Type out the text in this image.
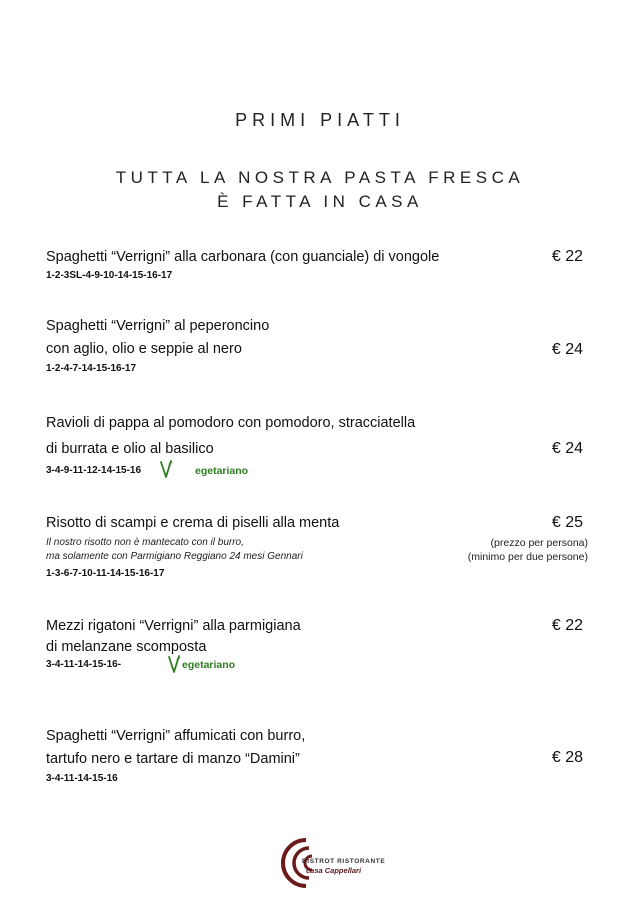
PRIMI PIATTI
TUTTA LA NOSTRA PASTA FRESCA
È FATTA IN CASA
Spaghetti “Verrigni” alla carbonara (con guanciale) di vongole
1-2-3SL-4-9-10-14-15-16-17
€ 22
Spaghetti “Verrigni” al peperoncino
con aglio, olio e seppie al nero
1-2-4-7-14-15-16-17
€ 24
Ravioli di pappa al pomodoro con pomodoro, stracciatella
di burrata e olio al basilico
3-4-9-11-12-14-15-16	egetariano
€ 24
Risotto di scampi e crema di piselli alla menta
Il nostro risotto non è mantecato con il burro,
ma solamente con Parmigiano Reggiano 24 mesi Gennari
1-3-6-7-10-11-14-15-16-17
€ 25
(prezzo per persona)
(minimo per due persone)
Mezzi rigatoni “Verrigni” alla parmigiana
di melanzane scomposta
3-4-11-14-15-16-	egetariano
€ 22
Spaghetti “Verrigni” affumicati con burro,
tartufo nero e tartare di manzo “Damini”
3-4-11-14-15-16
€ 28
BISTROT RISTORANTE
casa Cappellari
